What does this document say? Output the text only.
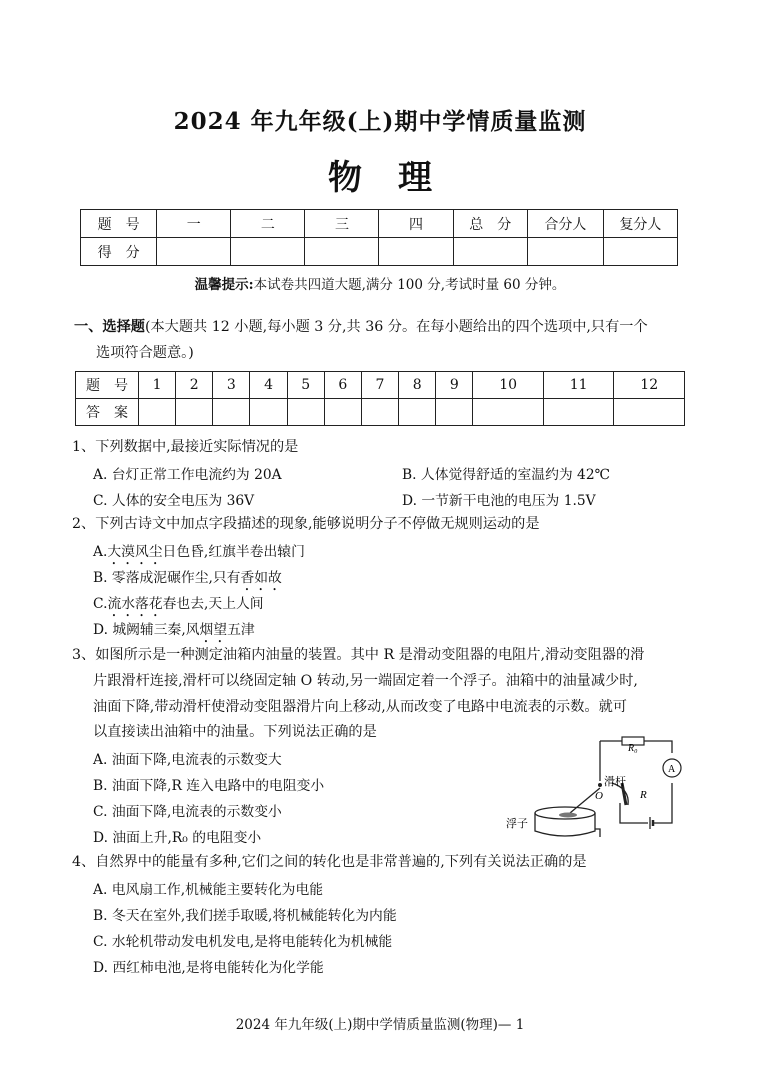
2024 年九年级(上)期中学情质量监测
物理
题　号	一	二	三	四	总　分	合分人	复分人
得　分							
温馨提示:本试卷共四道大题,满分 100 分,考试时量 60 分钟。
一、选择题(本大题共 12 小题,每小题 3 分,共 36 分。在每小题给出的四个选项中,只有一个
选项符合题意。)
题　号	1	2	3	4	5	6	7	8	9	10	11	12
答　案												
1、下列数据中,最接近实际情况的是
A. 台灯正常工作电流约为 20A	B. 人体觉得舒适的室温约为 42℃
C. 人体的安全电压为 36V	D. 一节新干电池的电压为 1.5V
2、下列古诗文中加点字段描述的现象,能够说明分子不停做无规则运动的是
A.大漠风尘日色昏,红旗半卷出辕门
B. 零落成泥碾作尘,只有香如故
C.流水落花春也去,天上人间
D. 城阙辅三秦,风烟望五津
3、如图所示是一种测定油箱内油量的装置。其中 R 是滑动变阻器的电阻片,滑动变阻器的滑
片跟滑杆连接,滑杆可以绕固定轴 O 转动,另一端固定着一个浮子。油箱中的油量减少时,
油面下降,带动滑杆使滑动变阻器滑片向上移动,从而改变了电路中电流表的示数。就可
以直接读出油箱中的油量。下列说法正确的是
A. 油面下降,电流表的示数变大
B. 油面下降,R 连入电路中的电阻变小
C. 油面下降,电流表的示数变小
D. 油面上升,R₀ 的电阻变小
R₀
A
滑杆
O	R
浮子
4、自然界中的能量有多种,它们之间的转化也是非常普遍的,下列有关说法正确的是
A. 电风扇工作,机械能主要转化为电能
B. 冬天在室外,我们搓手取暖,将机械能转化为内能
C. 水轮机带动发电机发电,是将电能转化为机械能
D. 西红柿电池,是将电能转化为化学能
2024 年九年级(上)期中学情质量监测(物理)— 1
